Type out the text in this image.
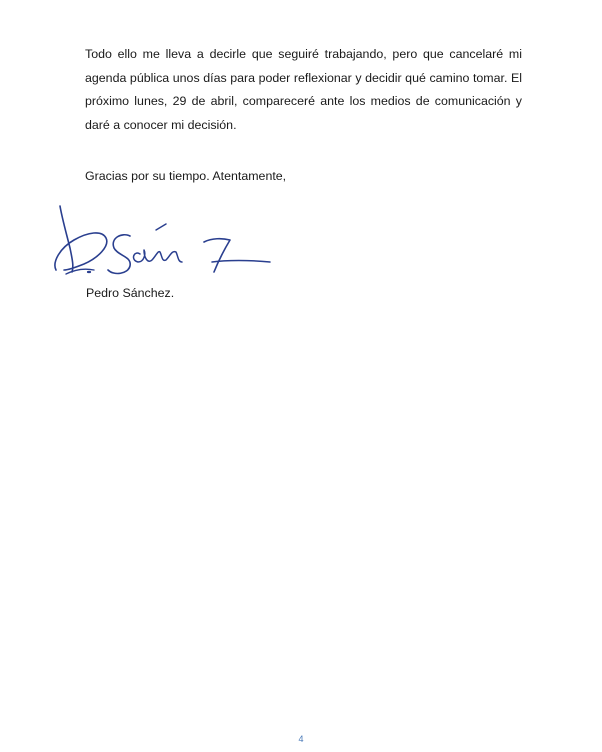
Todo ello me lleva a decirle que seguiré trabajando, pero que cancelaré mi agenda pública unos días para poder reflexionar y decidir qué camino tomar. El próximo lunes, 29 de abril, compareceré ante los medios de comunicación y daré a conocer mi decisión.

Gracias por su tiempo. Atentamente,

Pedro Sánchez.

4
